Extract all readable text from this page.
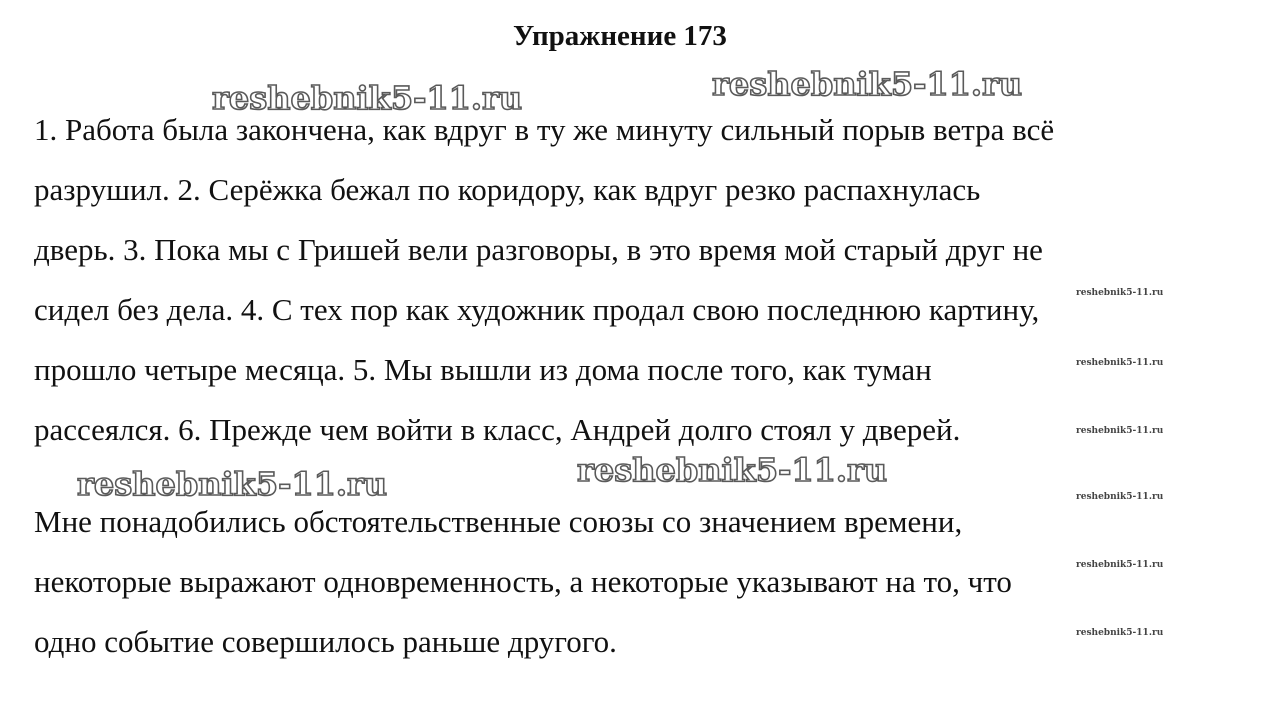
Упражнение 173
reshebnik5-11.ru	reshebnik5-11.ru
reshebnik5-11.ru
reshebnik5-11.ru
1. Работа была закончена, как вдруг в ту же минуту сильный порыв ветра всё
разрушил. 2. Серёжка бежал по коридору, как вдруг резко распахнулась
дверь. 3. Пока мы с Гришей вели разговоры, в это время мой старый друг не
сидел без дела. 4. С тех пор как художник продал свою последнюю картину,
прошло четыре месяца. 5. Мы вышли из дома после того, как туман
рассеялся. 6. Прежде чем войти в класс, Андрей долго стоял у дверей.
Мне понадобились обстоятельственные союзы со значением времени,
некоторые выражают одновременность, а некоторые указывают на то, что
одно событие совершилось раньше другого.
reshebnik5-11.ru
reshebnik5-11.ru
reshebnik5-11.ru
reshebnik5-11.ru
reshebnik5-11.ru
reshebnik5-11.ru
